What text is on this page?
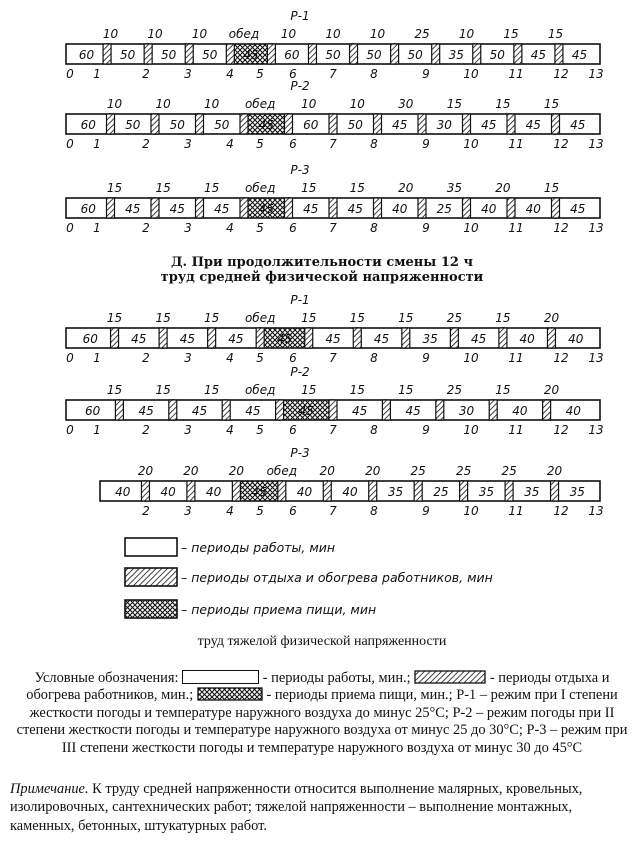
Р-1
60 50 50 50 45 60 50 50 50 35 50 45 45
10 10 10 обед 10 10 10 25 10 15 15
0 1	2	3	4 5 6	7	8	9	10 11 12 13
Р-2
60 50 50 50 45 60 50 45 30 45 45 45
10	10	10 обед 10	10	30	15	15	15
0 1	2	3	4 5 6	7	8	9	10 11 12 13
Р-3
60 45 45 45 45 45 45 40 25 40 40 45
15	15	15 обед 15	15	20	35	20	15
0 1	2	3	4 5 6	7	8	9	10 11 12 13
Р-1
60	45	45	45	45	45	45	35	45	40	40
15	15	15 обед 15	15	15	25	15	20
0 1	2	3	4 5 6	7	8	9	10 11 12 13
Р-2
60	45	45	45	45	45	45	30	40	40
15	15	15 обед 15	15	15	25	15	20
0 1	2	3	4 5 6	7	8	9	10 11 12 13
Р-3
40	40	40	45	40	40	35	25	35	35	35
20	20	20 обед 20	20	25	25	25	20
2	3	4 5 6	7	8	9	10 11 12 13
– периоды работы, мин
– периоды отдыха и обогрева работников, мин
– периоды приема пищи, мин
Д. При продолжительности смены 12 ч
труд средней физической напряженности
труд тяжелой физической напряженности
Условные обозначения:	- периоды работы, мин.;	- периоды отдыха и обогрева работников, мин.;	- периоды приема пищи, мин.; Р-1 – режим при I степени жесткости погоды и температуре наружного воздуха до минус 25°С; Р-2 – режим погоды при II степени жесткости погоды и температуре наружного воздуха от минус 25 до 30°С; Р-3 – режим при III степени жесткости погоды и температуре наружного воздуха от минус 30 до 45°С
Примечание. К труду средней напряженности относится выполнение малярных, кровельных, изолировочных, сантехнических работ; тяжелой напряженности – выполнение монтажных, каменных, бетонных, штукатурных работ.
